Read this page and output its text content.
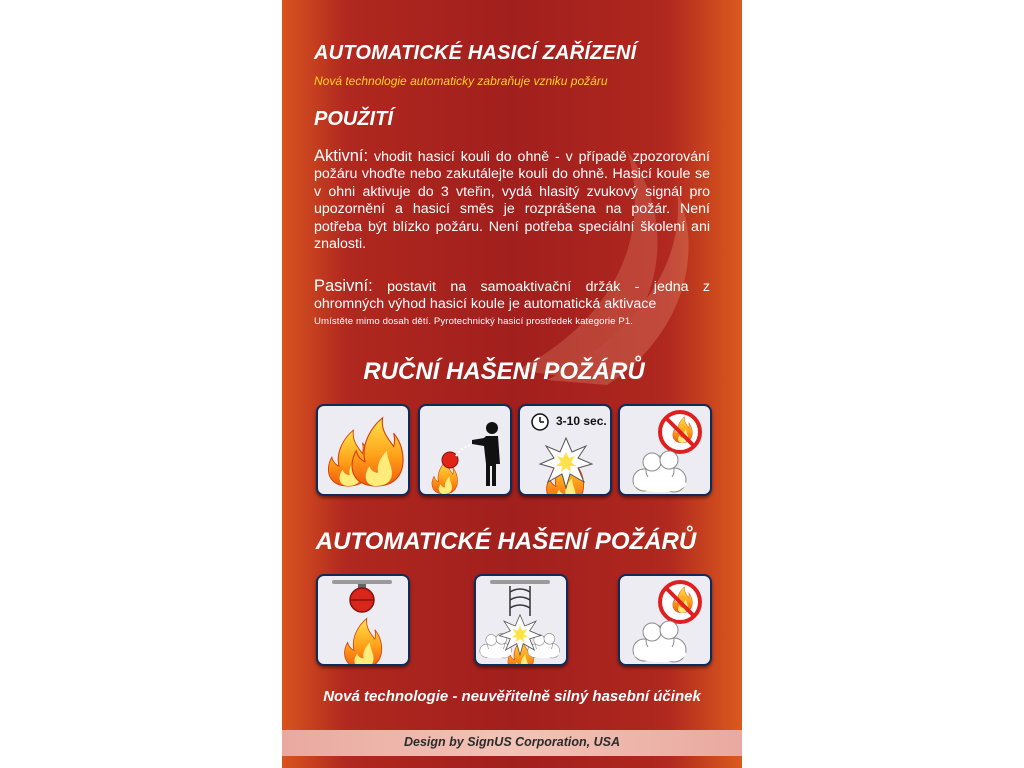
AUTOMATICKÉ HASICÍ ZAŘÍZENÍ
Nová technologie automaticky zabraňuje vzniku požáru
POUŽITÍ
Aktivní: vhodit hasicí kouli do ohně - v případě zpozorování požáru vhoďte nebo zakutálejte kouli do ohně. Hasicí koule se v ohni aktivuje do 3 vteřin, vydá hlasitý zvukový signál pro upozornění a hasicí směs je rozprášena na požár. Není potřeba být blízko požáru. Není potřeba speciální školení ani znalosti.
Pasivní: postavit na samoaktivační držák - jedna z ohromných výhod hasicí koule je automatická aktivace
Umístěte mimo dosah dětí. Pyrotechnický hasicí prostředek kategorie P1.
RUČNÍ HAŠENÍ POŽÁRŮ
3-10 sec.
AUTOMATICKÉ HAŠENÍ POŽÁRŮ
Nová technologie - neuvěřitelně silný hasební účinek
Design by SignUS Corporation, USA
